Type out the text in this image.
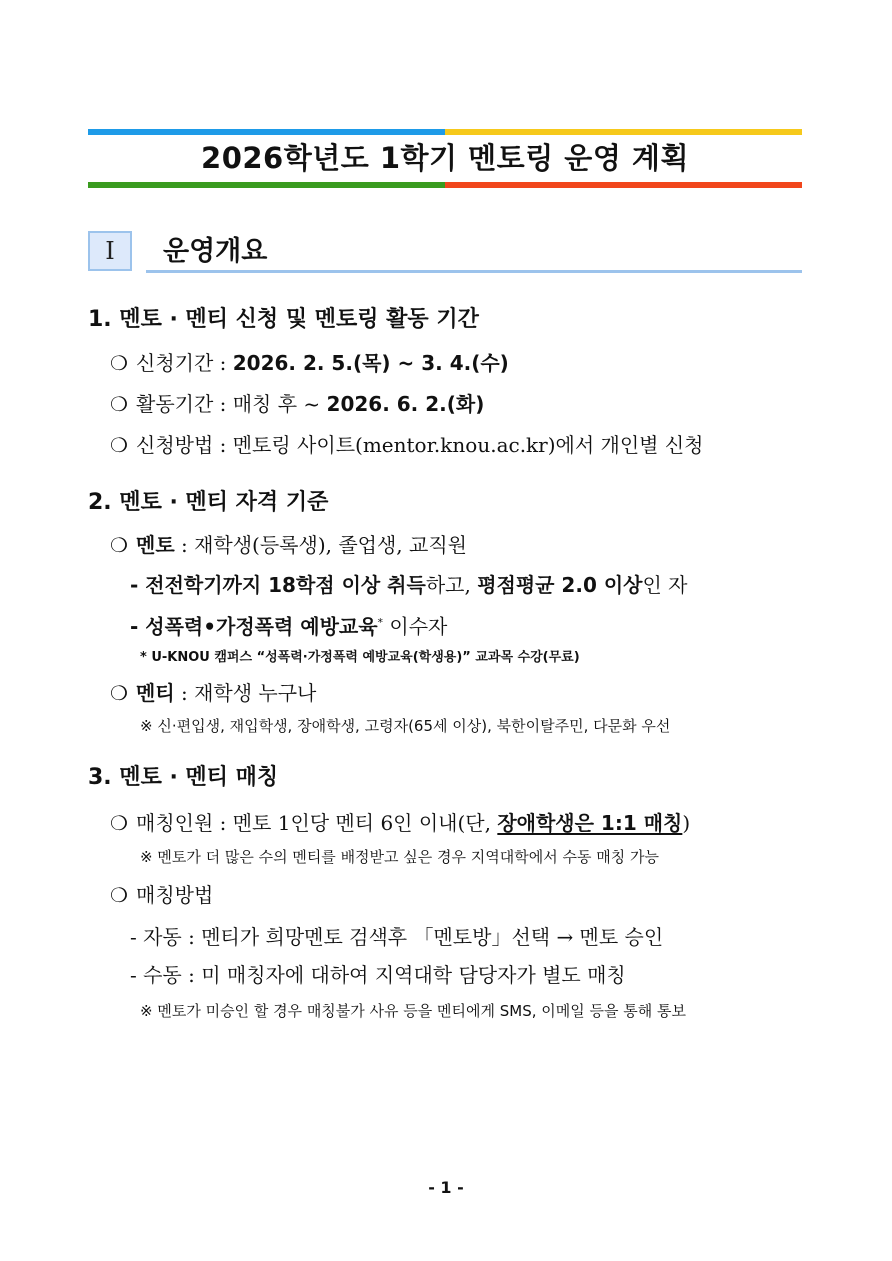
2026학년도 1학기 멘토링 운영 계획
Ⅰ	운영개요
1. 멘토 · 멘티 신청 및 멘토링 활동 기간
❍ 신청기간 : 2026. 2. 5.(목) ~ 3. 4.(수)
❍ 활동기간 : 매칭 후 ~ 2026. 6. 2.(화)
❍ 신청방법 : 멘토링 사이트(mentor.knou.ac.kr)에서 개인별 신청
2. 멘토 · 멘티 자격 기준
❍ 멘토 : 재학생(등록생), 졸업생, 교직원
- 전전학기까지 18학점 이상 취득하고, 평점평균 2.0 이상인 자
- 성폭력•가정폭력 예방교육* 이수자
* U-KNOU 캠퍼스 “성폭력·가정폭력 예방교육(학생용)” 교과목 수강(무료)
❍ 멘티 : 재학생 누구나
※ 신·편입생, 재입학생, 장애학생, 고령자(65세 이상), 북한이탈주민, 다문화 우선
3. 멘토 · 멘티 매칭
❍ 매칭인원 : 멘토 1인당 멘티 6인 이내(단, 장애학생은 1:1 매칭)
※ 멘토가 더 많은 수의 멘티를 배정받고 싶은 경우 지역대학에서 수동 매칭 가능
❍ 매칭방법
- 자동 : 멘티가 희망멘토 검색후 「멘토방」선택 → 멘토 승인
- 수동 : 미 매칭자에 대하여 지역대학 담당자가 별도 매칭
※ 멘토가 미승인 할 경우 매칭불가 사유 등을 멘티에게 SMS, 이메일 등을 통해 통보
- 1 -
